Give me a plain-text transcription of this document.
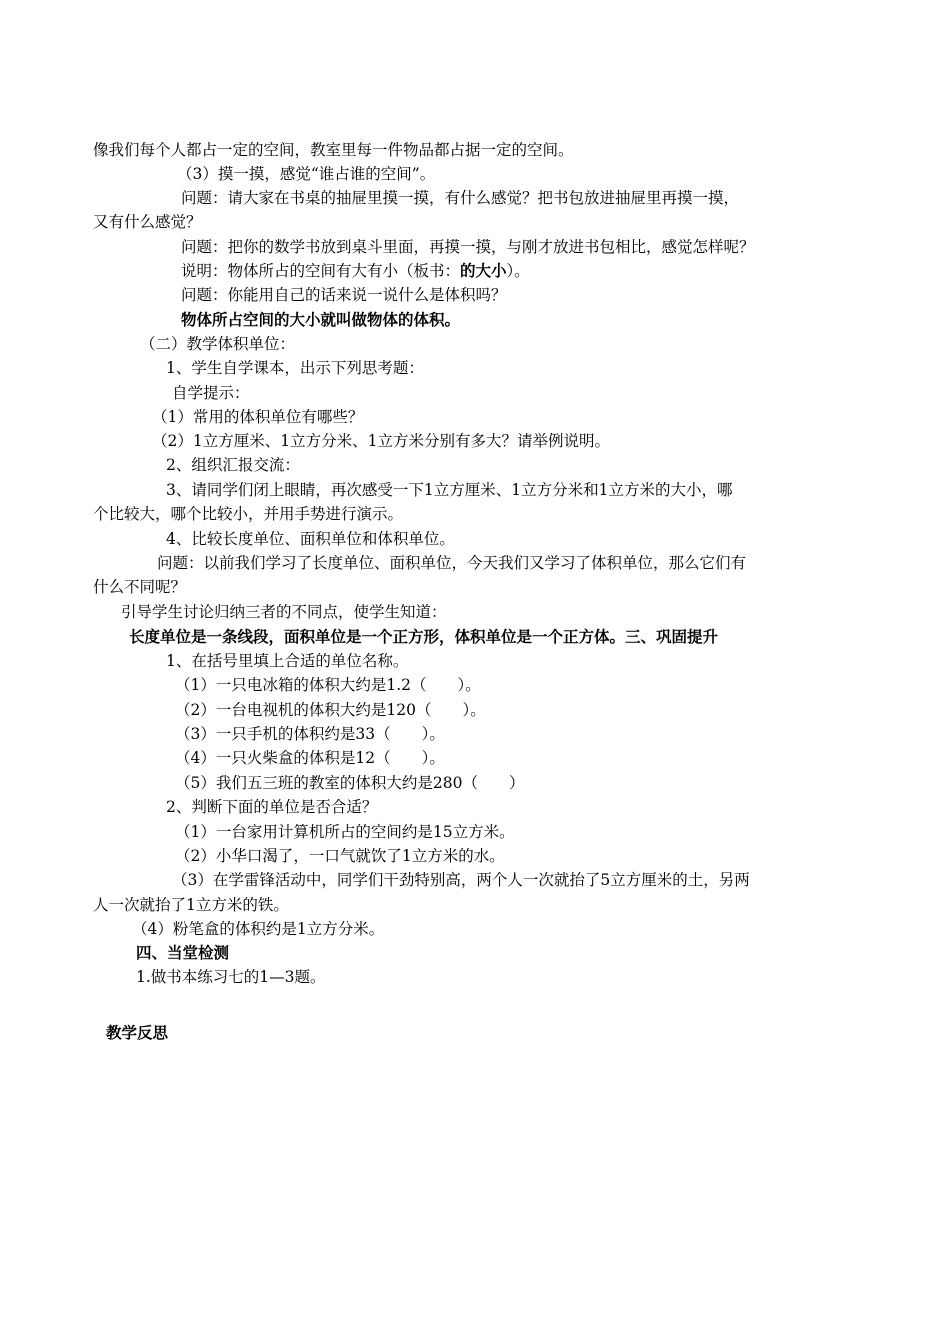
像我们每个人都占一定的空间，教室里每一件物品都占据一定的空间。
（3）摸一摸，感觉“谁占谁的空间”。
问题：请大家在书桌的抽屉里摸一摸，有什么感觉？把书包放进抽屉里再摸一摸，
又有什么感觉？
问题：把你的数学书放到桌斗里面，再摸一摸，与刚才放进书包相比，感觉怎样呢？
说明：物体所占的空间有大有小（板书：的大小）。
问题：你能用自己的话来说一说什么是体积吗？
物体所占空间的大小就叫做物体的体积。
（二）教学体积单位：
1、学生自学课本，出示下列思考题：
自学提示：
（1）常用的体积单位有哪些？
（2）1立方厘米、1立方分米、1立方米分别有多大？请举例说明。
2、组织汇报交流：
3、请同学们闭上眼睛，再次感受一下1立方厘米、1立方分米和1立方米的大小，哪
个比较大，哪个比较小，并用手势进行演示。
4、比较长度单位、面积单位和体积单位。
问题：以前我们学习了长度单位、面积单位，今天我们又学习了体积单位，那么它们有
什么不同呢？
引导学生讨论归纳三者的不同点，使学生知道：
长度单位是一条线段，面积单位是一个正方形，体积单位是一个正方体。三、巩固提升
1、在括号里填上合适的单位名称。
（1）一只电冰箱的体积大约是1.2（　　）。
（2）一台电视机的体积大约是120（　　）。
（3）一只手机的体积约是33（　　）。
（4）一只火柴盒的体积是12（　　）。
（5）我们五三班的教室的体积大约是280（　　）
2、判断下面的单位是否合适？
（1）一台家用计算机所占的空间约是15立方米。
（2）小华口渴了，一口气就饮了1立方米的水。
（3）在学雷锋活动中，同学们干劲特别高，两个人一次就抬了5立方厘米的土，另两
人一次就抬了1立方米的铁。
（4）粉笔盒的体积约是1立方分米。
四、当堂检测
1.做书本练习七的1—3题。
教学反思
